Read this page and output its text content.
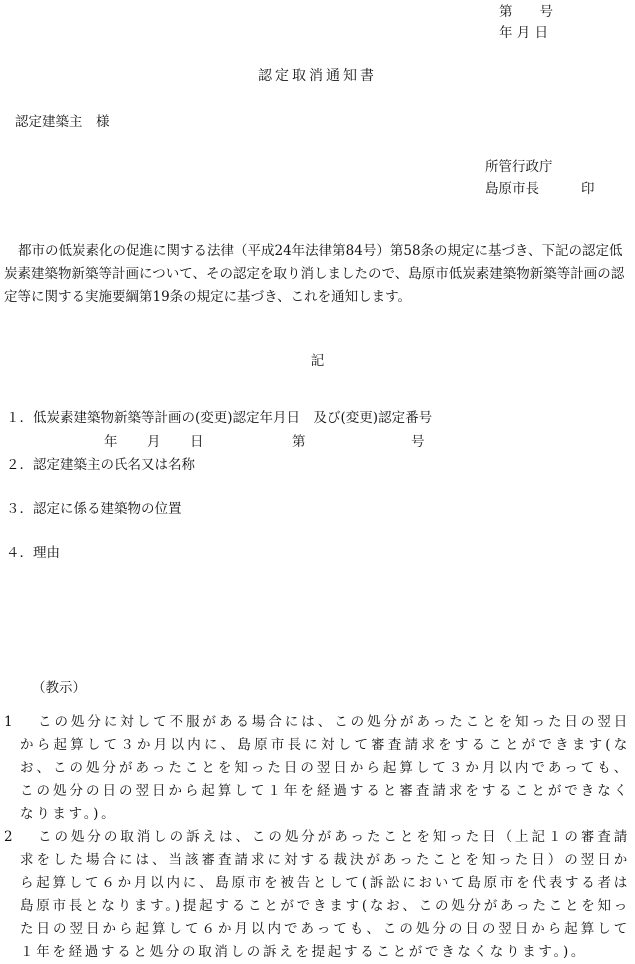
第　　号
年 月 日
認定取消通知書
認定建築主　様
所管行政庁
島原市長	印
都市の低炭素化の促進に関する法律（平成24年法律第84号）第58条の規定に基づき、下記の認定低炭素建築物新築等計画について、その認定を取り消しましたので、島原市低炭素建築物新築等計画の認定等に関する実施要綱第19条の規定に基づき、これを通知します。
記
１．低炭素建築物新築等計画の(変更)認定年月日　及び(変更)認定番号
年 月 日	第	号
２．認定建築主の氏名又は名称
３．認定に係る建築物の位置
４．理由
（教示）
1	この処分に対して不服がある場合には、この処分があったことを知った日の翌日から起算して３か月以内に、島原市長に対して審査請求をすることができます(なお、この処分があったことを知った日の翌日から起算して３か月以内であっても、この処分の日の翌日から起算して１年を経過すると審査請求をすることができなくなります。)。
2	この処分の取消しの訴えは、この処分があったことを知った日（上記１の審査請求をした場合には、当該審査請求に対する裁決があったことを知った日）の翌日から起算して６か月以内に、島原市を被告として(訴訟において島原市を代表する者は島原市長となります。)提起することができます(なお、この処分があったことを知った日の翌日から起算して６か月以内であっても、この処分の日の翌日から起算して１年を経過すると処分の取消しの訴えを提起することができなくなります。)。
